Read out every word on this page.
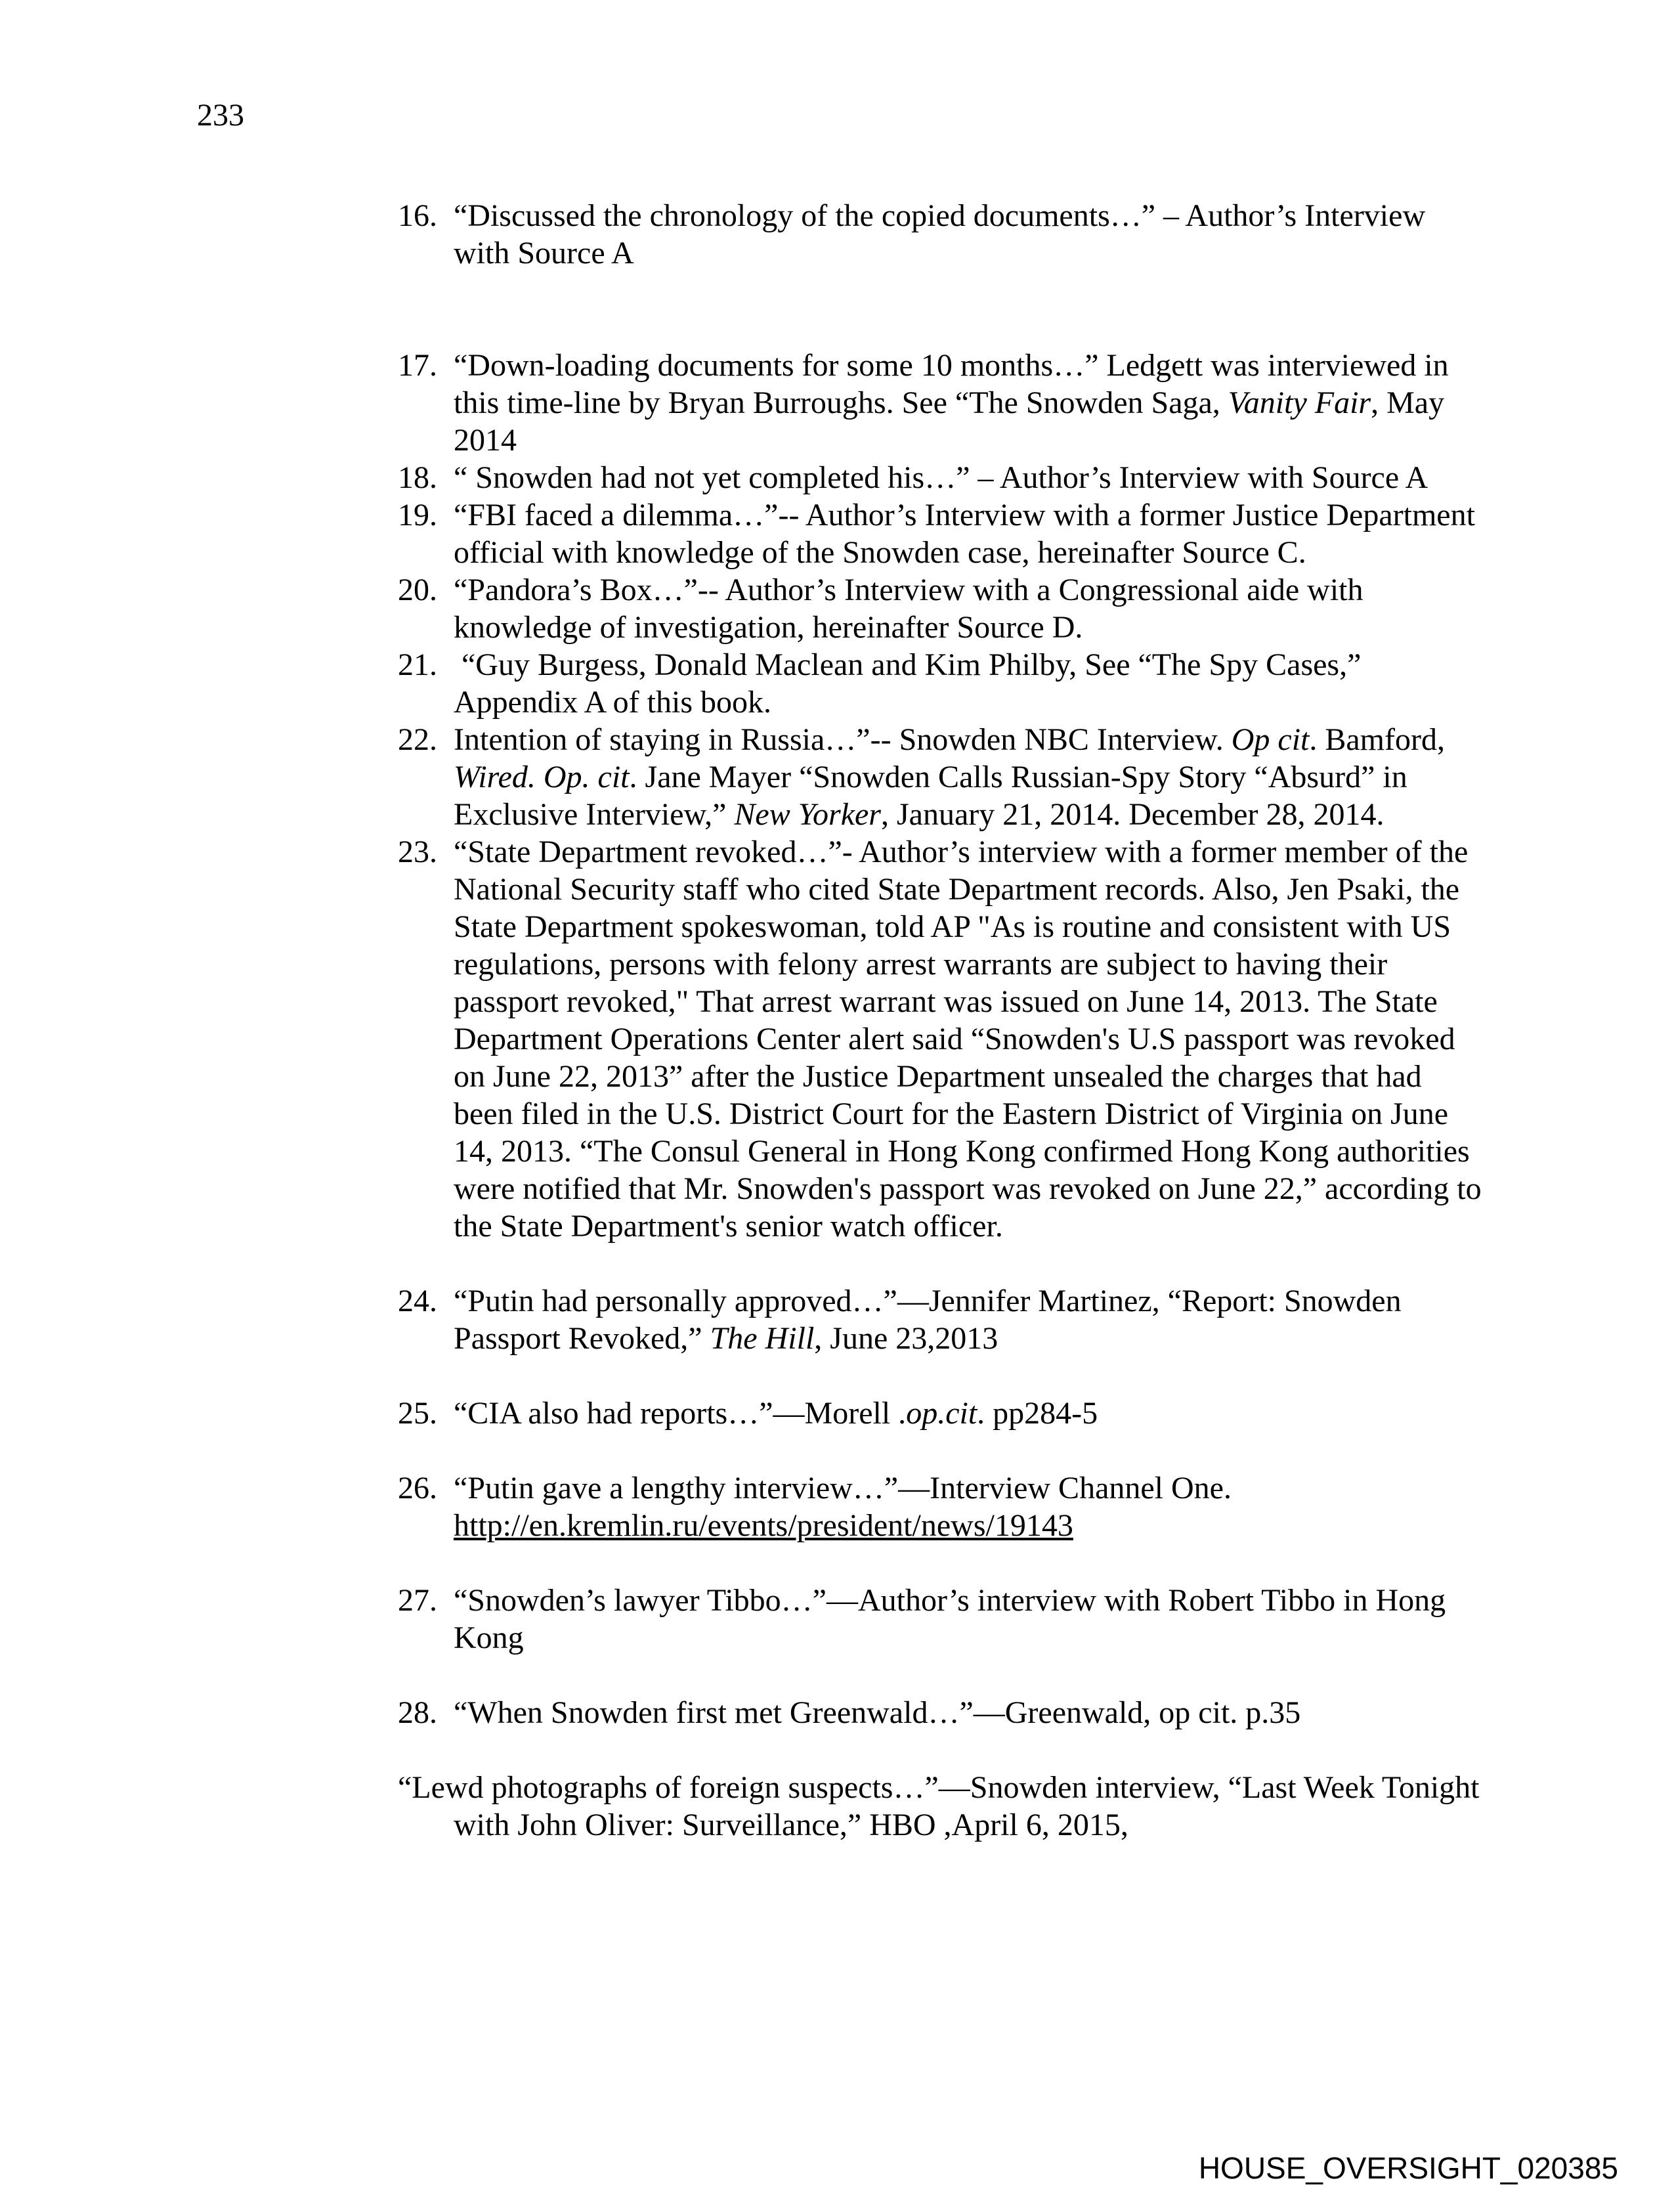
233
16. “Discussed the chronology of the copied documents…” – Author’s Interview with Source A
17. “Down-loading documents for some 10 months…” Ledgett was interviewed in this time-line by Bryan Burroughs. See “The Snowden Saga, Vanity Fair, May 2014
18. “ Snowden had not yet completed his…” – Author’s Interview with Source A
19. “FBI faced a dilemma…”-- Author’s Interview with a former Justice Department official with knowledge of the Snowden case, hereinafter Source C.
20. “Pandora’s Box…”-- Author’s Interview with a Congressional aide with knowledge of investigation, hereinafter Source D.
21. “Guy Burgess, Donald Maclean and Kim Philby, See “The Spy Cases,” Appendix A of this book.
22. Intention of staying in Russia…”-- Snowden NBC Interview. Op cit. Bamford, Wired. Op. cit. Jane Mayer “Snowden Calls Russian-Spy Story “Absurd” in Exclusive Interview,” New Yorker, January 21, 2014. December 28, 2014.
23. “State Department revoked…”- Author’s interview with a former member of the National Security staff who cited State Department records. Also, Jen Psaki, the State Department spokeswoman, told AP "As is routine and consistent with US regulations, persons with felony arrest warrants are subject to having their passport revoked," That arrest warrant was issued on June 14, 2013. The State Department Operations Center alert said “Snowden's U.S passport was revoked on June 22, 2013” after the Justice Department unsealed the charges that had been filed in the U.S. District Court for the Eastern District of Virginia on June 14, 2013. “The Consul General in Hong Kong confirmed Hong Kong authorities were notified that Mr. Snowden's passport was revoked on June 22,” according to the State Department's senior watch officer.
24. “Putin had personally approved…”—Jennifer Martinez, “Report: Snowden Passport Revoked,” The Hill, June 23,2013
25. “CIA also had reports…”—Morell .op.cit. pp284-5
26. “Putin gave a lengthy interview…”—Interview Channel One. http://en.kremlin.ru/events/president/news/19143
27. “Snowden’s lawyer Tibbo…”—Author’s interview with Robert Tibbo in Hong Kong
28. “When Snowden first met Greenwald…”—Greenwald, op cit. p.35
“Lewd photographs of foreign suspects…”—Snowden interview, “Last Week Tonight with John Oliver: Surveillance,” HBO ,April 6, 2015,
HOUSE_OVERSIGHT_020385
